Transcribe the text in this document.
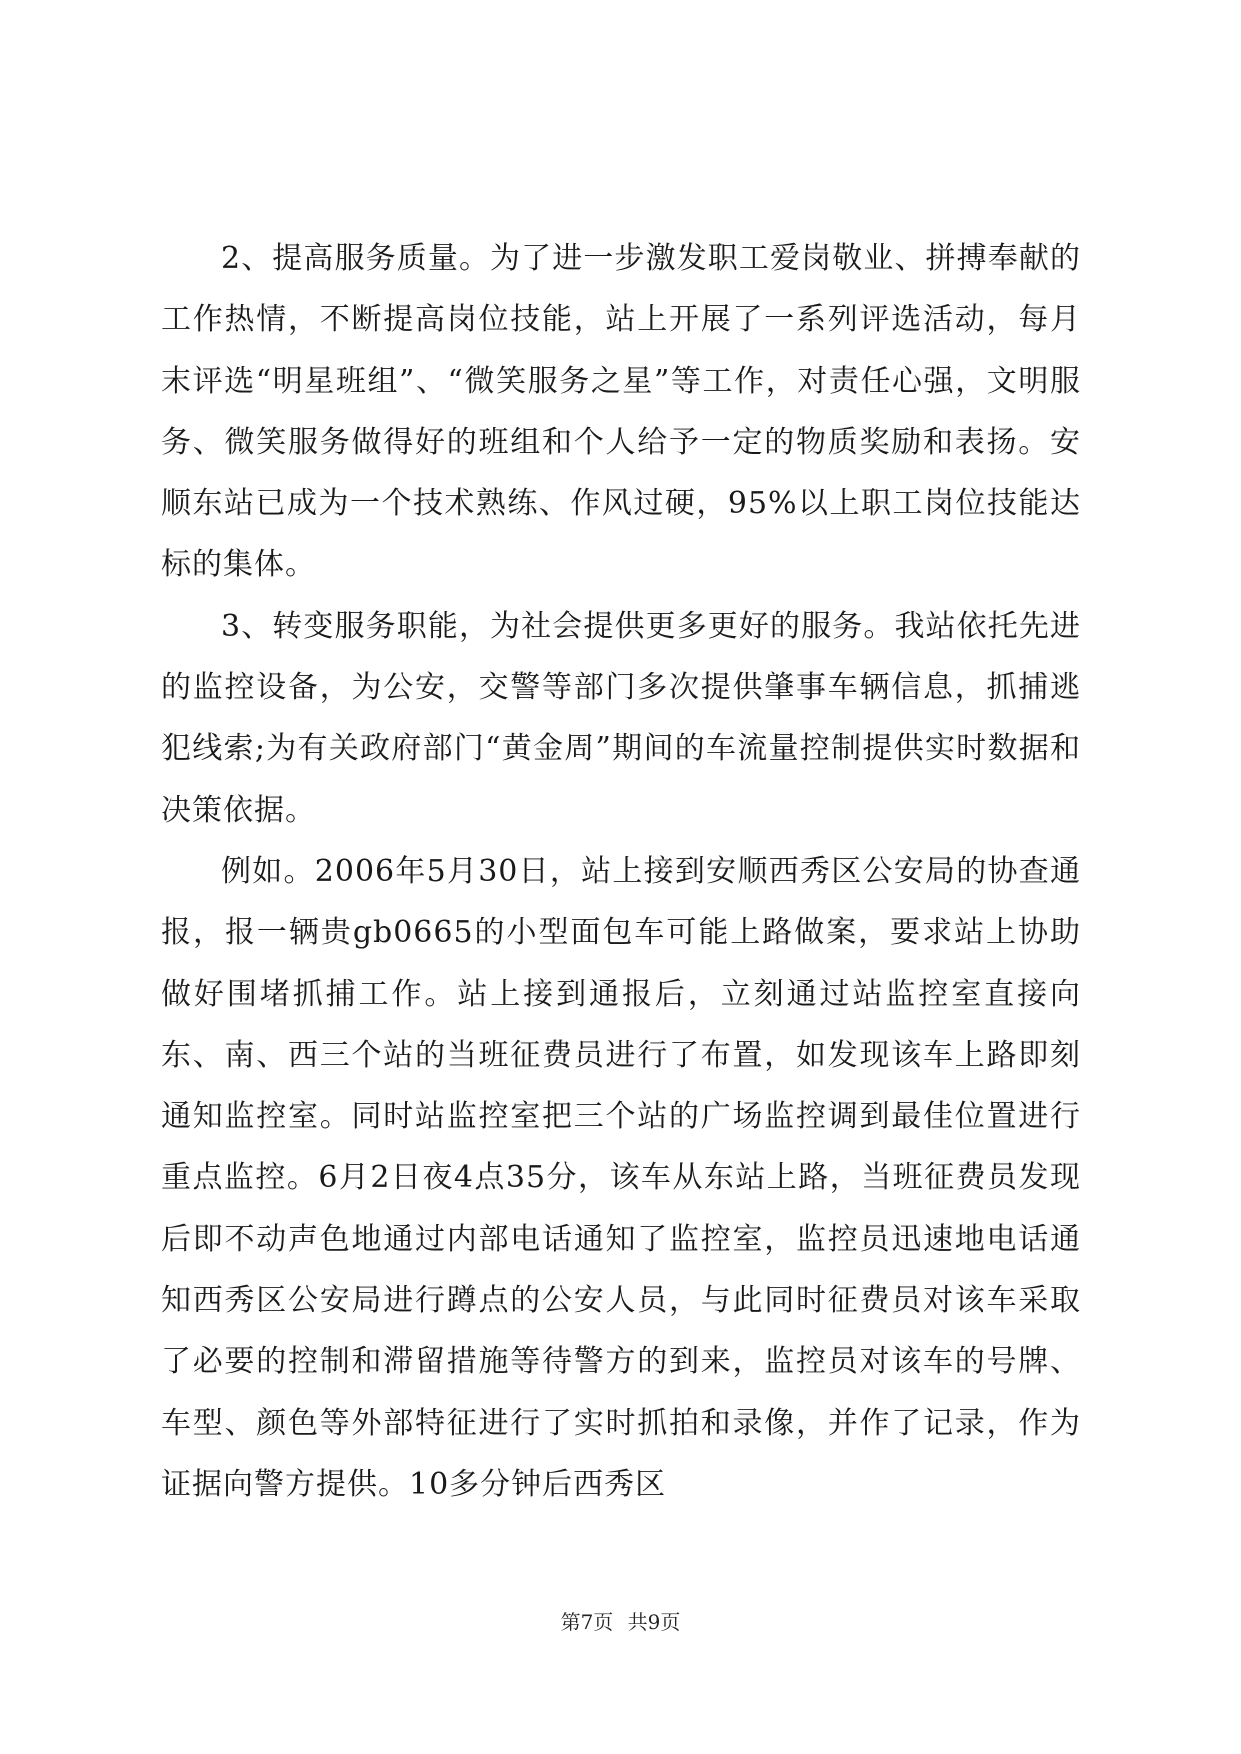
2、提高服务质量。为了进一步激发职工爱岗敬业、拼搏奉献的工作热情，不断提高岗位技能，站上开展了一系列评选活动，每月末评选“明星班组”、“微笑服务之星”等工作，对责任心强，文明服务、微笑服务做得好的班组和个人给予一定的物质奖励和表扬。安顺东站已成为一个技术熟练、作风过硬，95%以上职工岗位技能达标的集体。

3、转变服务职能，为社会提供更多更好的服务。我站依托先进的监控设备，为公安，交警等部门多次提供肇事车辆信息，抓捕逃犯线索;为有关政府部门“黄金周”期间的车流量控制提供实时数据和决策依据。

例如。2006年5月30日，站上接到安顺西秀区公安局的协查通报，报一辆贵gb0665的小型面包车可能上路做案，要求站上协助做好围堵抓捕工作。站上接到通报后，立刻通过站监控室直接向东、南、西三个站的当班征费员进行了布置，如发现该车上路即刻通知监控室。同时站监控室把三个站的广场监控调到最佳位置进行重点监控。6月2日夜4点35分，该车从东站上路，当班征费员发现后即不动声色地通过内部电话通知了监控室，监控员迅速地电话通知西秀区公安局进行蹲点的公安人员，与此同时征费员对该车采取了必要的控制和滞留措施等待警方的到来，监控员对该车的号牌、车型、颜色等外部特征进行了实时抓拍和录像，并作了记录，作为证据向警方提供。10多分钟后西秀区

第7页 共9页
